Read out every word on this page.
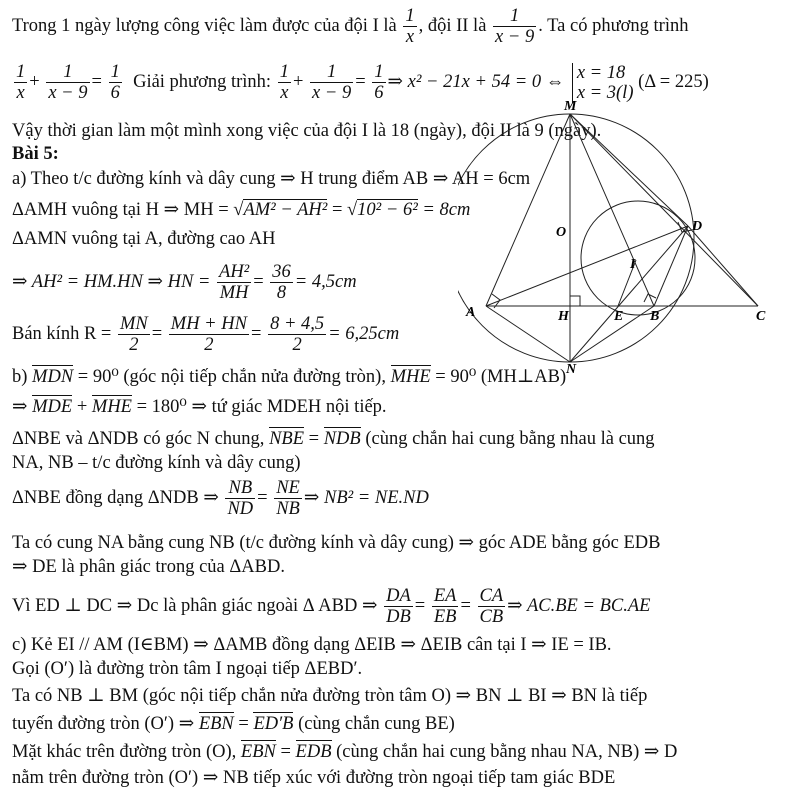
Trong 1 ngày lượng công việc làm được của đội I là $\frac{1}{x}$ , đội II là $\frac{1}{x - 9}$ . Ta có phương trình
$\frac{1}{x} + \frac{1}{x - 9} = \frac{1}{6}$ Giải phương trình: $\frac{1}{x} + \frac{1}{x - 9} = \frac{1}{6}$ ⇒ x² − 21x + 54 = 0 ⇔ x = 18
x = 3(l)
(Δ = 225)
Vậy thời gian làm một mình xong việc của đội I là 18 (ngày), đội II là 9 (ngày).
Bài 5:
a) Theo t/c đường kính và dây cung ⇒ H trung điểm AB ⇒ AH = 6cm
ΔAMH vuông tại H ⇒ MH = √AM² − AH² = √10² − 6² = 8cm
ΔAMN vuông tại A, đường cao AH
⇒ AH² = HM.HN ⇒ HN = $\frac{\text{AH²}}{MH} = \frac{36}{8} = 4,5cm$
Bán kính $R = \frac{MN}{2} = \frac{MH + HN}{2} = \frac{8 + 4,5}{2} = 6,25cm$
b) MDN = 90⁰ (góc nội tiếp chắn nửa đường tròn), MHE = 90⁰ (MH⊥AB)
⇒ MDE + MHE = 180⁰ ⇒ tứ giác MDEH nội tiếp.
ΔNBE và ΔNDB có góc N chung, NBE = NDB (cùng chắn hai cung bằng nhau là cung
NA, NB – t/c đường kính và dây cung)
ΔNBE đồng dạng ΔNDB ⇒ $\frac{NB}{ND} = \frac{NE}{NB}$ ⇒ NB² = NE.ND
Ta có cung NA bằng cung NB (t/c đường kính và dây cung) ⇒ góc ADE bằng góc EDB
⇒ DE là phân giác trong của ΔABD.
Vì ED ⊥ DC ⇒ Dc là phân giác ngoài Δ ABD ⇒ $\frac{DA}{DB} = \frac{EA}{EB} = \frac{CA}{CB}$ ⇒ AC.BE = BC.AE
c) Kẻ EI // AM (I∈BM) ⇒ ΔAMB đồng dạng ΔEIB ⇒ ΔEIB cân tại I ⇒ IE = IB.
Gọi (O′) là đường tròn tâm I ngoại tiếp ΔEBD′.
Ta có NB ⊥ BM (góc nội tiếp chắn nửa đường tròn tâm O) ⇒ BN ⊥ BI ⇒ BN là tiếp
tuyến đường tròn (O′) ⇒ EBN = ED′B (cùng chắn cung BE)
Mặt khác trên đường tròn (O), EBN = EDB (cùng chắn hai cung bằng nhau NA, NB) ⇒ D
nằm trên đường tròn (O′) ⇒ NB tiếp xúc với đường tròn ngoại tiếp tam giác BDE
M
O	D
I
A	H	E B	C
N
